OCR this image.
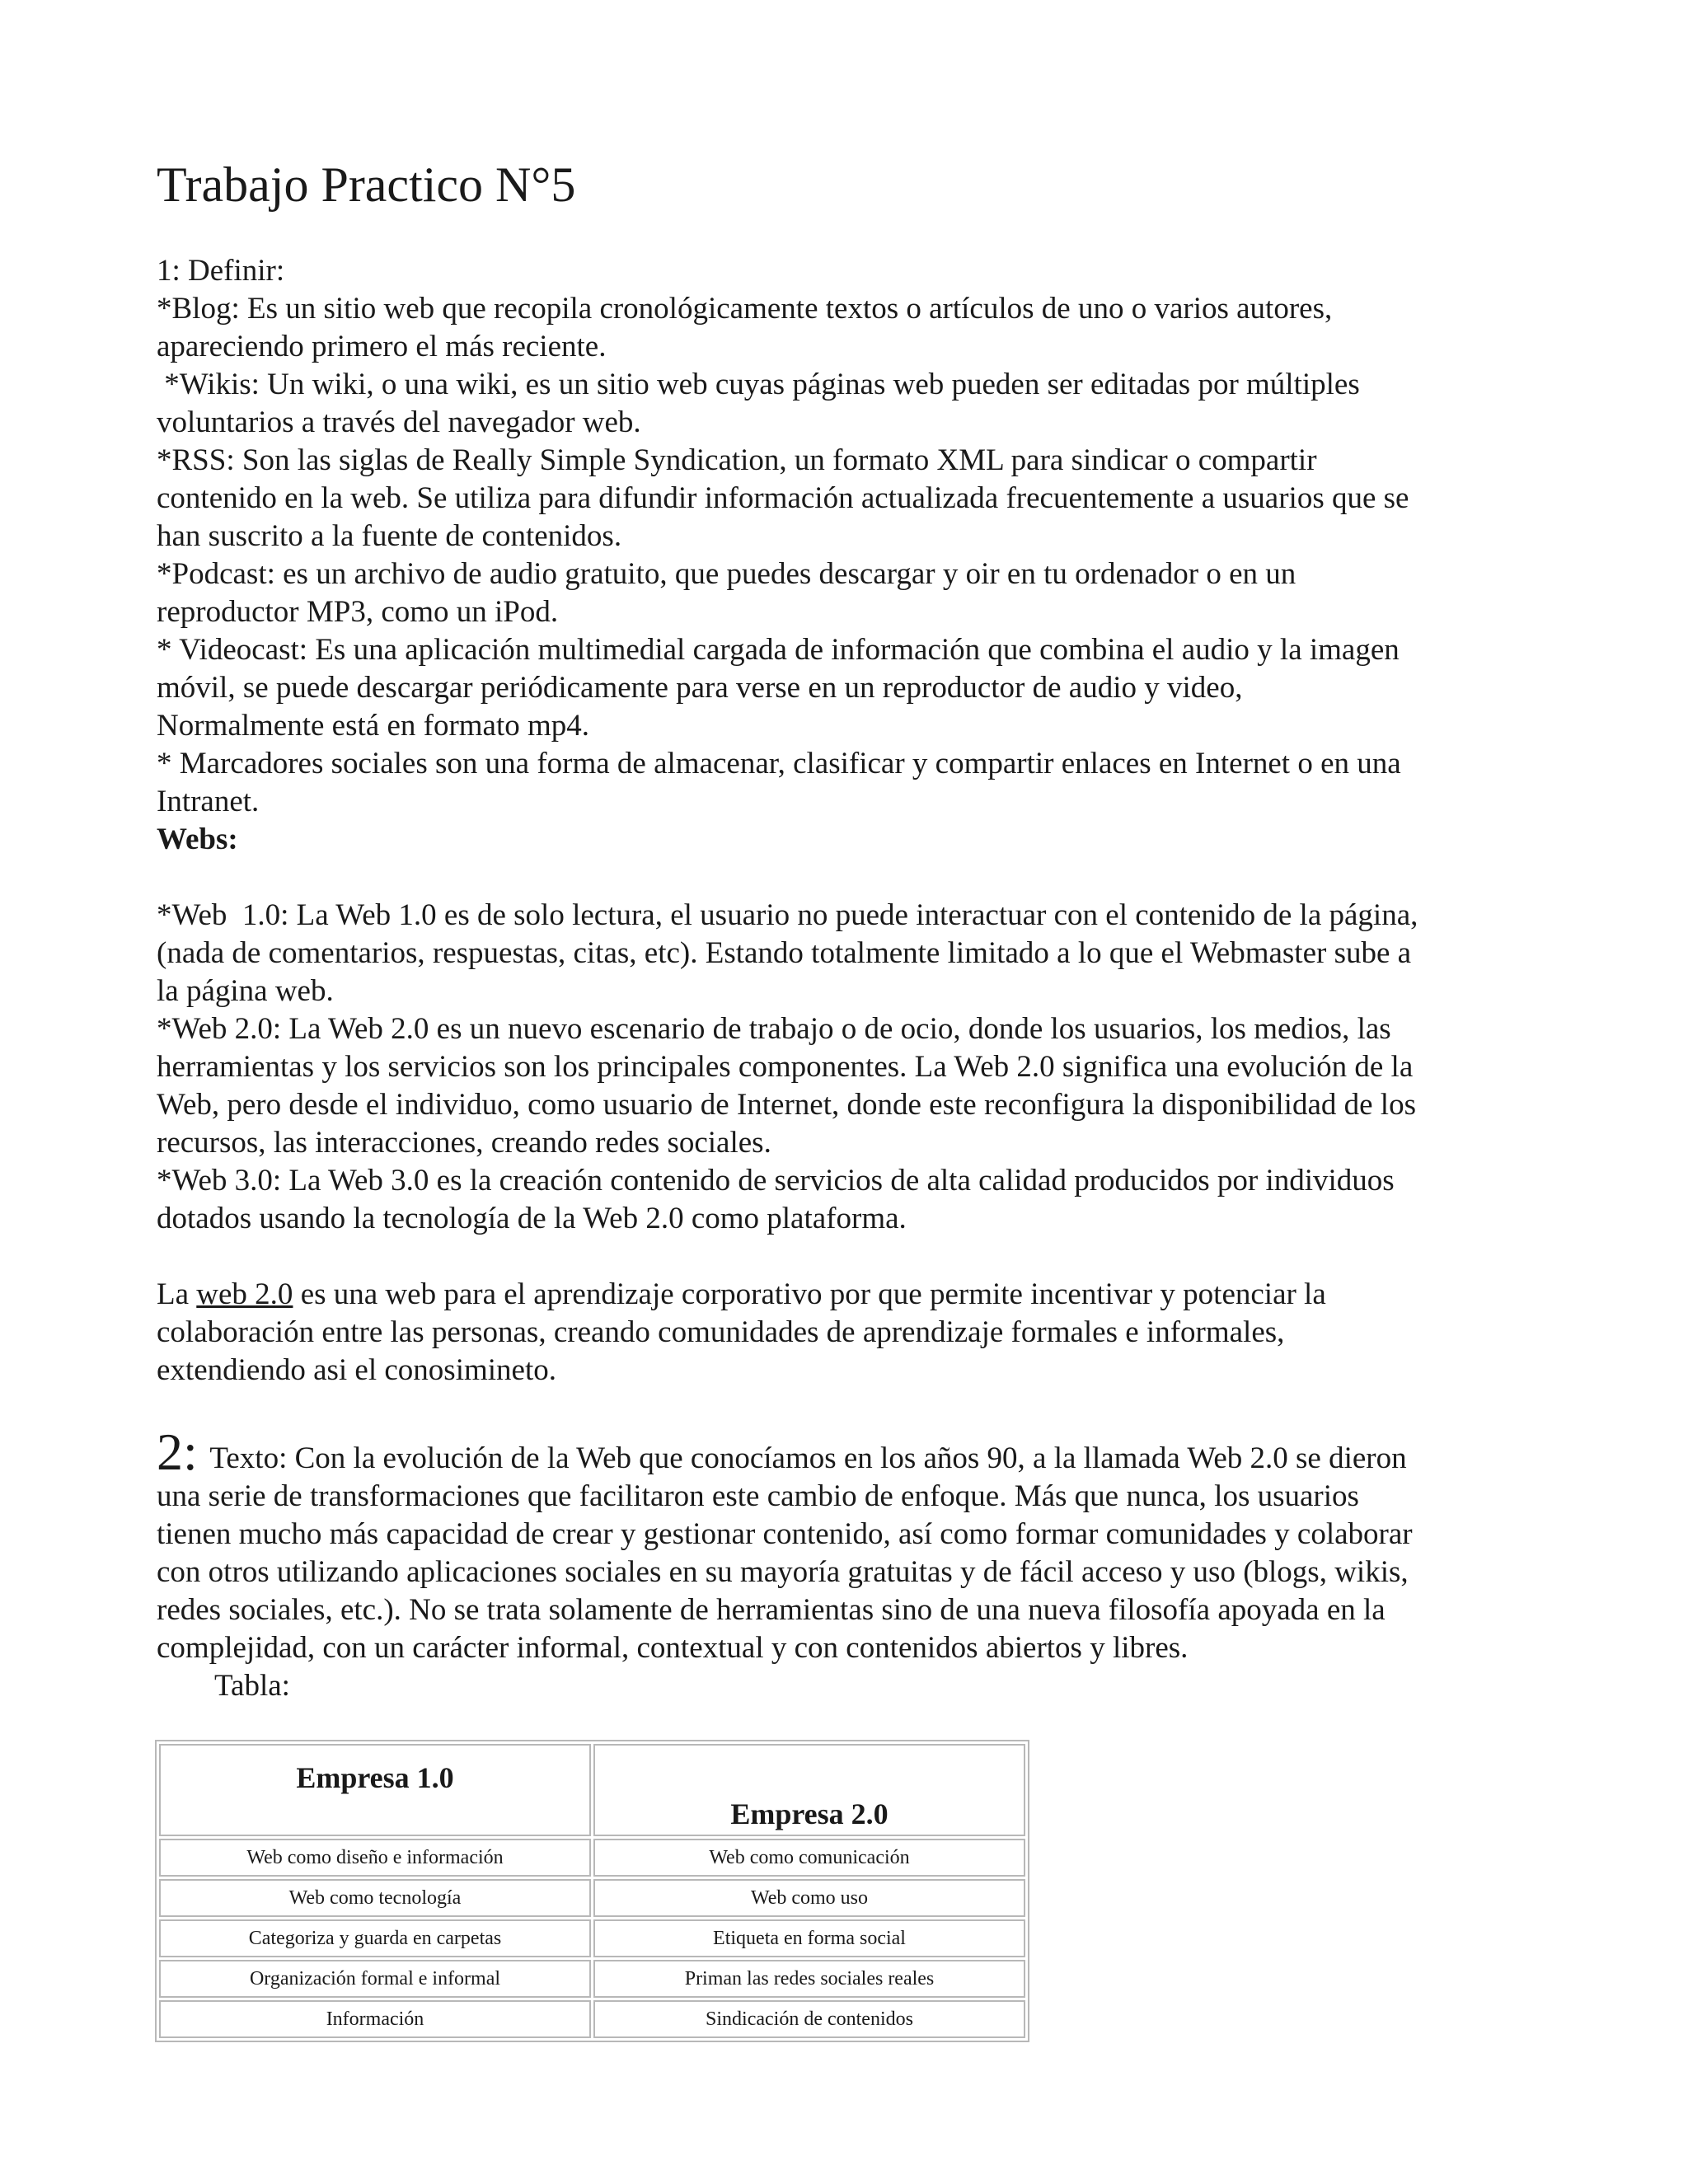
Trabajo Practico N°5

1: Definir:

*Blog: Es un sitio web que recopila cronológicamente textos o artículos de uno o varios autores,

apareciendo primero el más reciente.

*Wikis: Un wiki, o una wiki, es un sitio web cuyas páginas web pueden ser editadas por múltiples

voluntarios a través del navegador web.

*RSS: Son las siglas de Really Simple Syndication, un formato XML para sindicar o compartir

contenido en la web. Se utiliza para difundir información actualizada frecuentemente a usuarios que se

han suscrito a la fuente de contenidos.

*Podcast: es un archivo de audio gratuito, que puedes descargar y oir en tu ordenador o en un

reproductor MP3, como un iPod.

* Videocast: Es una aplicación multimedial cargada de información que combina el audio y la imagen

móvil, se puede descargar periódicamente para verse en un reproductor de audio y video,

Normalmente está en formato mp4.

* Marcadores sociales son una forma de almacenar, clasificar y compartir enlaces en Internet o en una

Intranet.

Webs:

*Web  1.0: La Web 1.0 es de solo lectura, el usuario no puede interactuar con el contenido de la página,

(nada de comentarios, respuestas, citas, etc). Estando totalmente limitado a lo que el Webmaster sube a

la página web.

*Web 2.0: La Web 2.0 es un nuevo escenario de trabajo o de ocio, donde los usuarios, los medios, las

herramientas y los servicios son los principales componentes. La Web 2.0 significa una evolución de la

Web, pero desde el individuo, como usuario de Internet, donde este reconfigura la disponibilidad de los

recursos, las interacciones, creando redes sociales.

*Web 3.0: La Web 3.0 es la creación contenido de servicios de alta calidad producidos por individuos

dotados usando la tecnología de la Web 2.0 como plataforma.

La web 2.0 es una web para el aprendizaje corporativo por que permite incentivar y potenciar la

colaboración entre las personas, creando comunidades de aprendizaje formales e informales,

extendiendo asi el conosimineto.

2: Texto: Con la evolución de la Web que conocíamos en los años 90, a la llamada Web 2.0 se dieron

una serie de transformaciones que facilitaron este cambio de enfoque. Más que nunca, los usuarios

tienen mucho más capacidad de crear y gestionar contenido, así como formar comunidades y colaborar

con otros utilizando aplicaciones sociales en su mayoría gratuitas y de fácil acceso y uso (blogs, wikis,

redes sociales, etc.). No se trata solamente de herramientas sino de una nueva filosofía apoyada en la

complejidad, con un carácter informal, contextual y con contenidos abiertos y libres.

Tabla:

Empresa 1.0	Empresa 2.0
Web como diseño e información	Web como comunicación
Web como tecnología	Web como uso
Categoriza y guarda en carpetas	Etiqueta en forma social
Organización formal e informal	Priman las redes sociales reales
Información	Sindicación de contenidos
